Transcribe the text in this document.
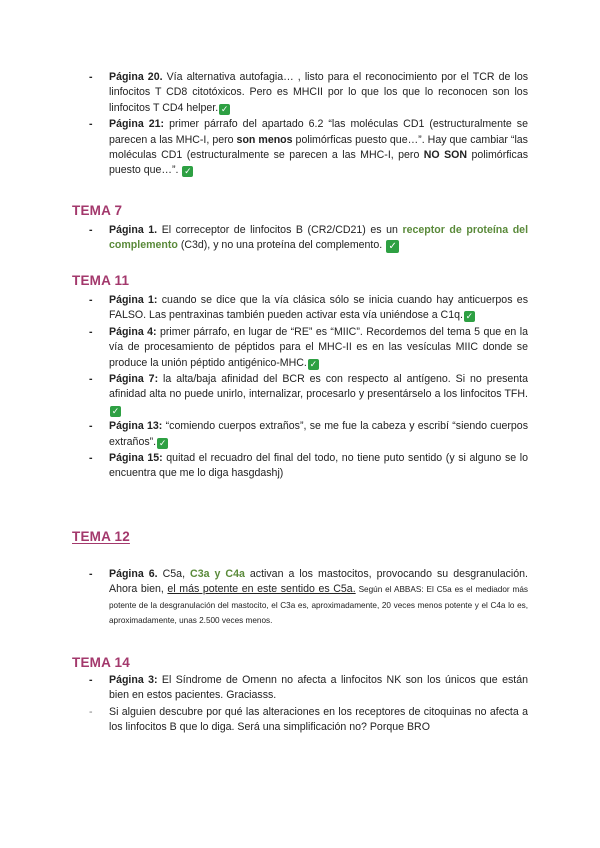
- Página 20. Vía alternativa autofagia… , listo para el reconocimiento por el TCR de los linfocitos T CD8 citotóxicos. Pero es MHCII por lo que los que lo reconocen son los linfocitos T CD4 helper. ✓
- Página 21: primer párrafo del apartado 6.2 “las moléculas CD1 (estructuralmente se parecen a las MHC-I, pero son menos polimórficas puesto que…”. Hay que cambiar “las moléculas CD1 (estructuralmente se parecen a las MHC-I, pero NO SON polimórficas puesto que…”. ✓
TEMA 7
- Página 1. El correceptor de linfocitos B (CR2/CD21) es un receptor de proteína del complemento (C3d), y no una proteína del complemento. ✓
TEMA 11
- Página 1: cuando se dice que la vía clásica sólo se inicia cuando hay anticuerpos es FALSO. Las pentraxinas también pueden activar esta vía uniéndose a C1q. ✓
- Página 4: primer párrafo, en lugar de “RE” es “MIIC”. Recordemos del tema 5 que en la vía de procesamiento de péptidos para el MHC-II es en las vesículas MIIC donde se produce la unión péptido antigénico-MHC. ✓
- Página 7: la alta/baja afinidad del BCR es con respecto al antígeno. Si no presenta afinidad alta no puede unirlo, internalizar, procesarlo y presentárselo a los linfocitos TFH.✓
- Página 13: “comiendo cuerpos extraños”, se me fue la cabeza y escribí “siendo cuerpos extraños”. ✓
- Página 15: quitad el recuadro del final del todo, no tiene puto sentido (y si alguno se lo encuentra que me lo diga hasgdashj)
TEMA 12
- Página 6. C5a, C3a y C4a activan a los mastocitos, provocando su desgranulación. Ahora bien, el más potente en este sentido es C5a. Según el ABBAS: El C5a es el mediador más potente de la desgranulación del mastocito, el C3a es, aproximadamente, 20 veces menos potente y el C4a lo es, aproximadamente, unas 2.500 veces menos.
TEMA 14
- Página 3: El Síndrome de Omenn no afecta a linfocitos NK son los únicos que están bien en estos pacientes. Graciasss.
- Si alguien descubre por qué las alteraciones en los receptores de citoquinas no afecta a los linfocitos B que lo diga. Será una simplificación no? Porque BRO
